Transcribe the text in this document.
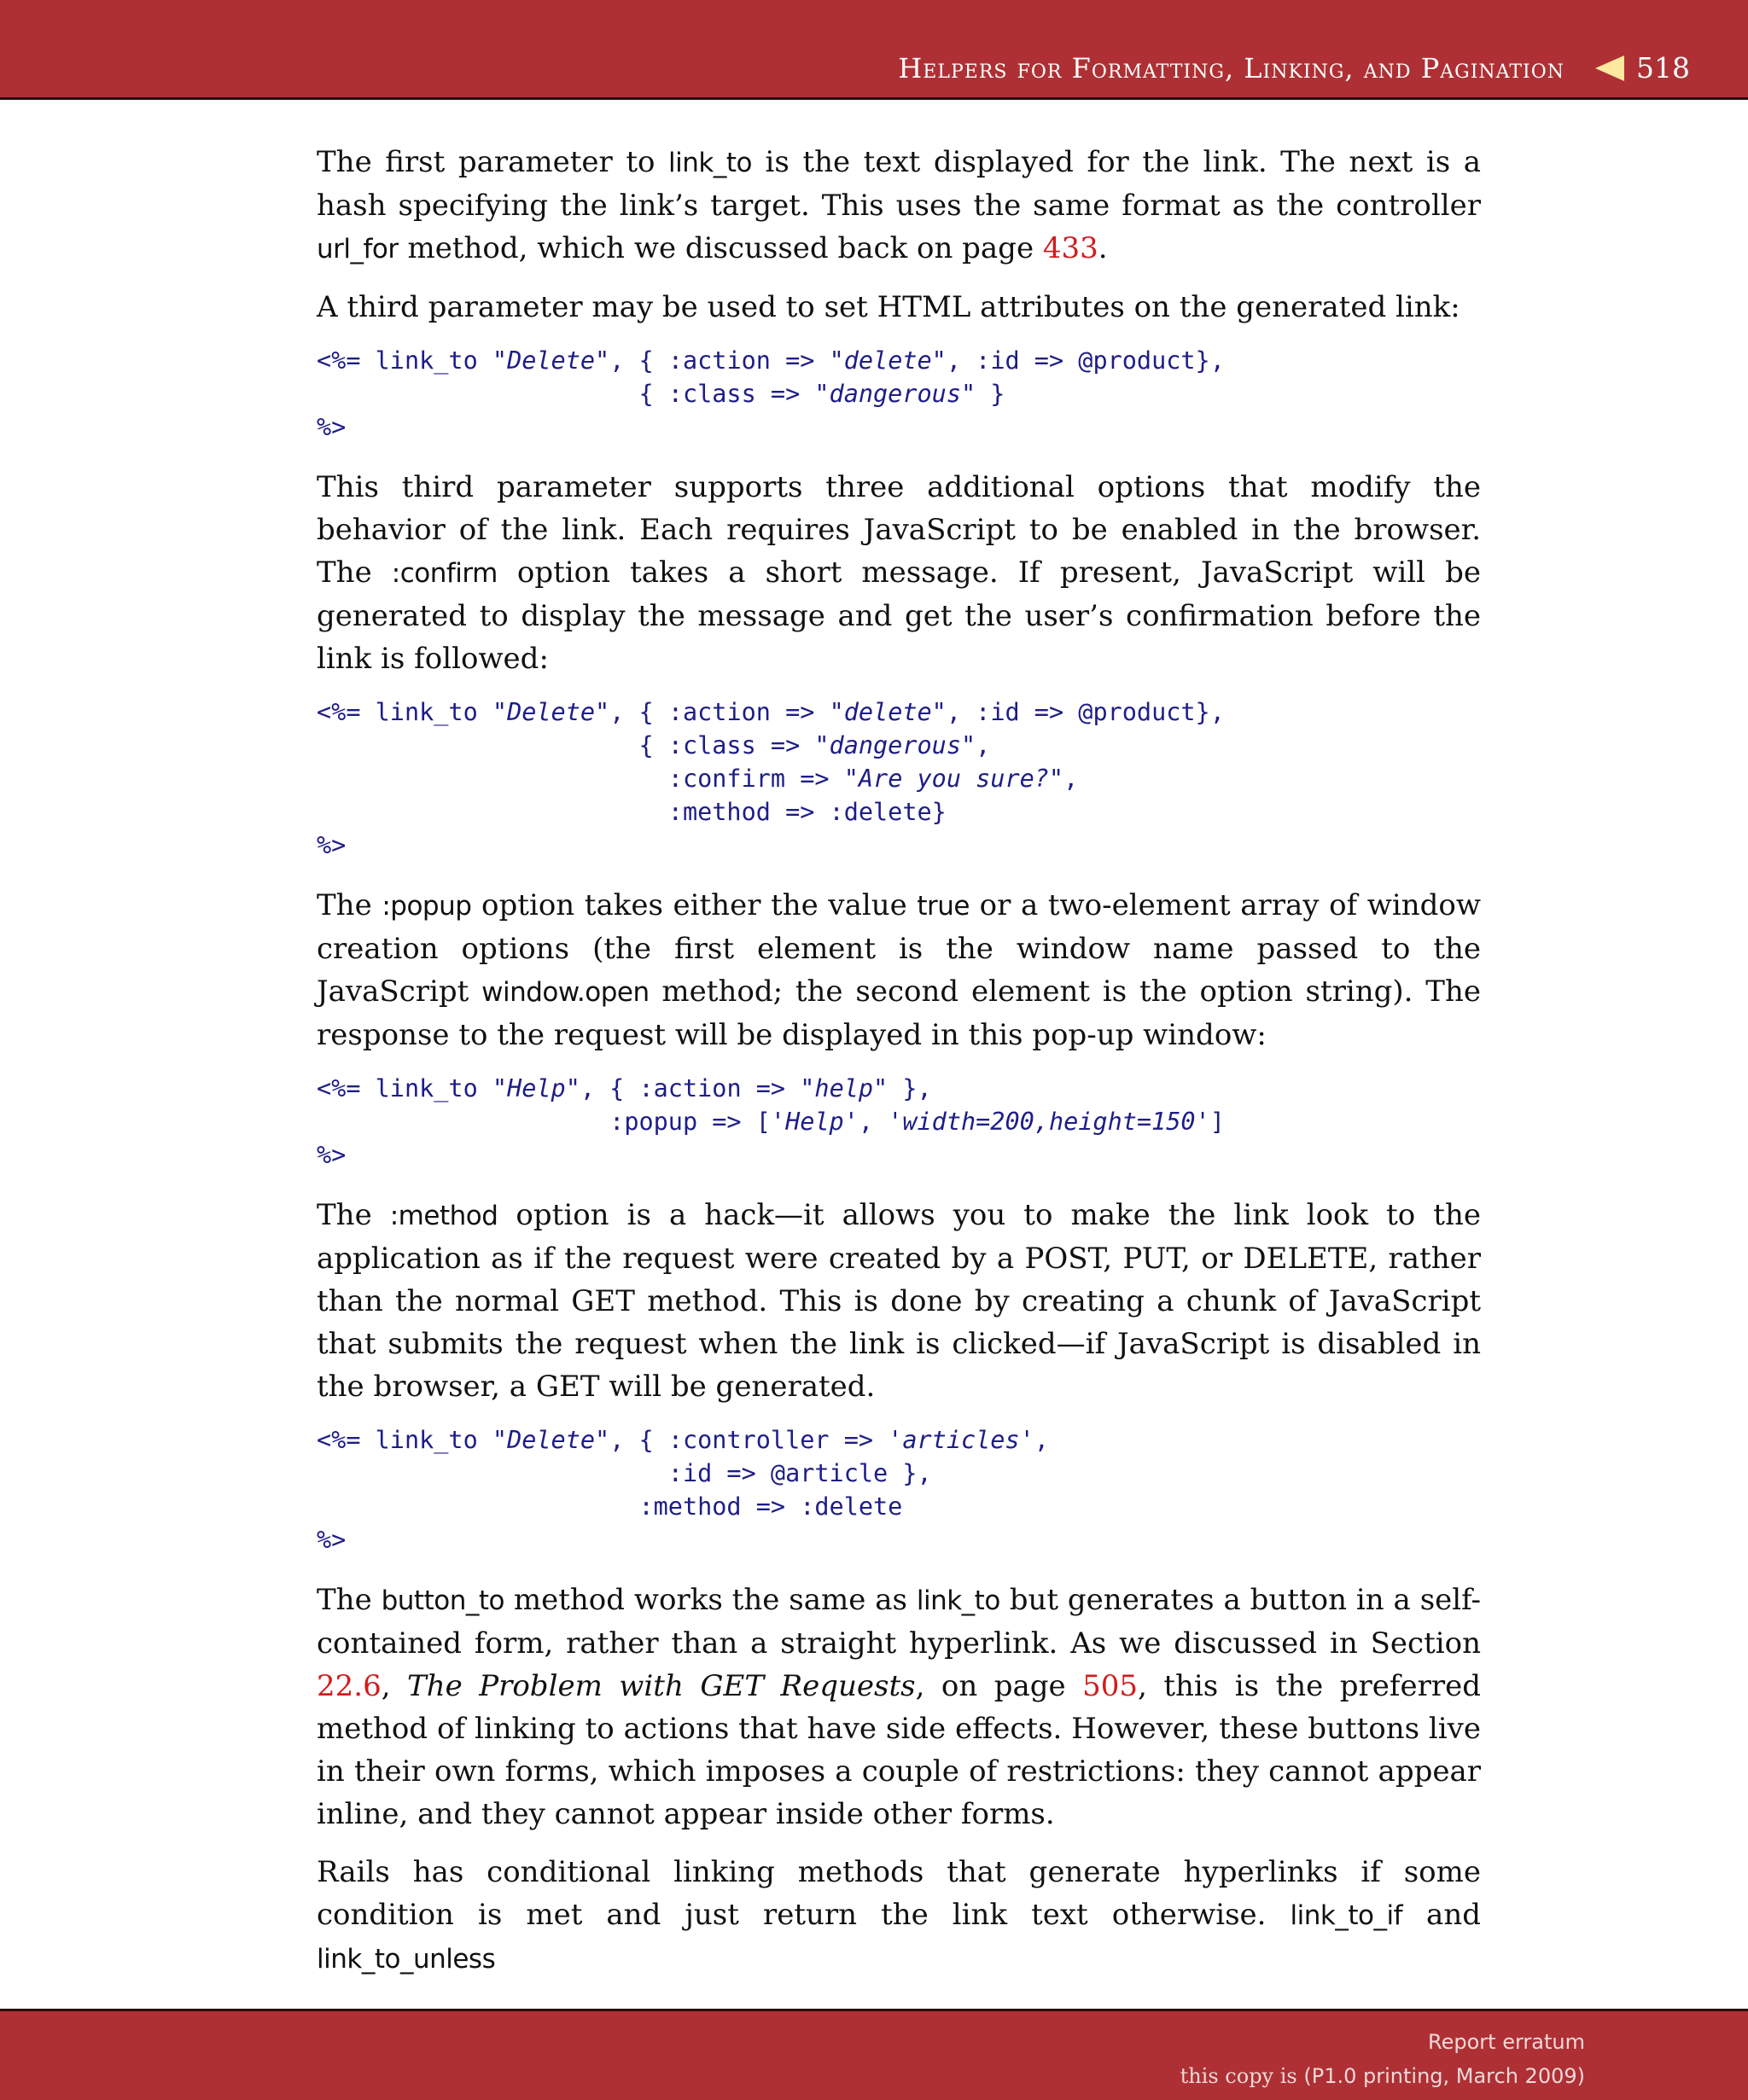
Helpers for Formatting, Linking, and Pagination	518

The first parameter to link_to is the text displayed for the link. The next is a hash specifying the link’s target. This uses the same format as the controller url_for method, which we discussed back on page 433.

A third parameter may be used to set HTML attributes on the generated link:

<%= link_to "Delete", { :action => "delete", :id => @product},
{ :class => "dangerous" }
%>

This third parameter supports three additional options that modify the behavior of the link. Each requires JavaScript to be enabled in the browser. The :confirm option takes a short message. If present, JavaScript will be generated to display the message and get the user’s confirmation before the link is followed:

<%= link_to "Delete", { :action => "delete", :id => @product},
{ :class => "dangerous",
:confirm => "Are you sure?",
:method => :delete}
%>

The :popup option takes either the value true or a two-element array of window creation options (the first element is the window name passed to the JavaScript window.open method; the second element is the option string). The response to the request will be displayed in this pop-up window:

<%= link_to "Help", { :action => "help" },
:popup => ['Help', 'width=200,height=150']
%>

The :method option is a hack—it allows you to make the link look to the application as if the request were created by a POST, PUT, or DELETE, rather than the normal GET method. This is done by creating a chunk of JavaScript that submits the request when the link is clicked—if JavaScript is disabled in the browser, a GET will be generated.

<%= link_to "Delete", { :controller => 'articles',
:id => @article },
:method => :delete
%>

The button_to method works the same as link_to but generates a button in a self-contained form, rather than a straight hyperlink. As we discussed in Section 22.6, The Problem with GET Requests, on page 505, this is the preferred method of linking to actions that have side effects. However, these buttons live in their own forms, which imposes a couple of restrictions: they cannot appear inline, and they cannot appear inside other forms.

Rails has conditional linking methods that generate hyperlinks if some condition is met and just return the link text otherwise. link_to_if and link_to_unless

Report erratum
this copy is (P1.0 printing, March 2009)
